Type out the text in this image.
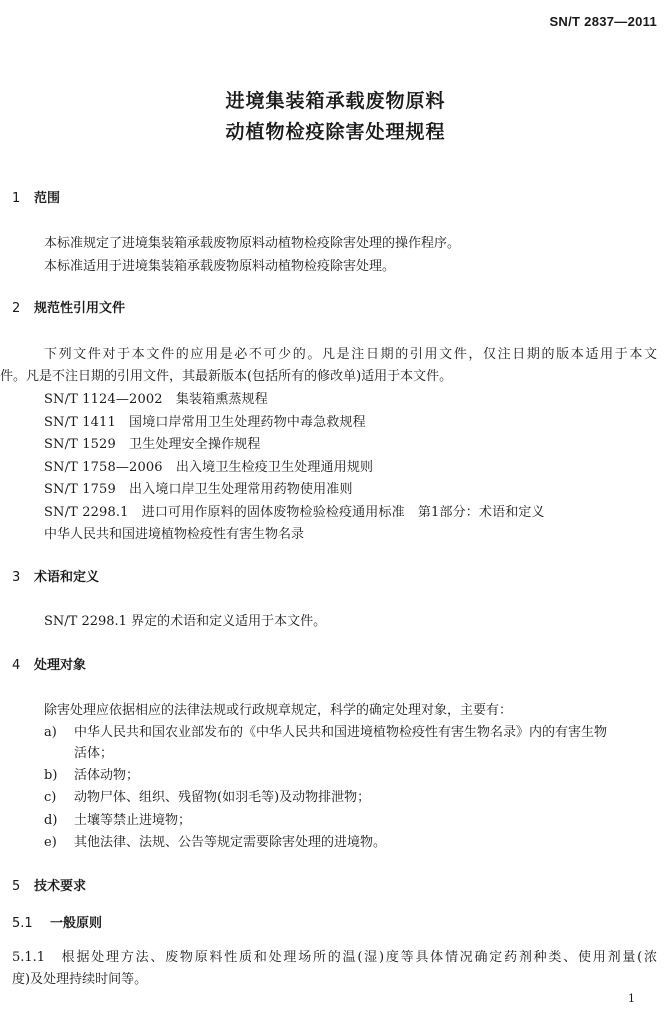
SN/T 2837—2011
进境集装箱承载废物原料
动植物检疫除害处理规程
1 范围
本标准规定了进境集装箱承载废物原料动植物检疫除害处理的操作程序。
本标准适用于进境集装箱承载废物原料动植物检疫除害处理。
2 规范性引用文件
下列文件对于本文件的应用是必不可少的。凡是注日期的引用文件，仅注日期的版本适用于本文
件。凡是不注日期的引用文件，其最新版本(包括所有的修改单)适用于本文件。
SN/T 1124—2002　集装箱熏蒸规程
SN/T 1411　国境口岸常用卫生处理药物中毒急救规程
SN/T 1529　卫生处理安全操作规程
SN/T 1758—2006　出入境卫生检疫卫生处理通用规则
SN/T 1759　出入境口岸卫生处理常用药物使用准则
SN/T 2298.1　进口可用作原料的固体废物检验检疫通用标准　第1部分：术语和定义
中华人民共和国进境植物检疫性有害生物名录
3 术语和定义
SN/T 2298.1 界定的术语和定义适用于本文件。
4 处理对象
除害处理应依据相应的法律法规或行政规章规定，科学的确定处理对象，主要有：
a) 中华人民共和国农业部发布的《中华人民共和国进境植物检疫性有害生物名录》内的有害生物
活体；
b) 活体动物；
c) 动物尸体、组织、残留物(如羽毛等)及动物排泄物；
d) 土壤等禁止进境物；
e) 其他法律、法规、公告等规定需要除害处理的进境物。
5 技术要求
5.1 一般原则
5.1.1　 根据处理方法、废物原料性质和处理场所的温(湿)度等具体情况确定药剂种类、使用剂量(浓
度)及处理持续时间等。
1
